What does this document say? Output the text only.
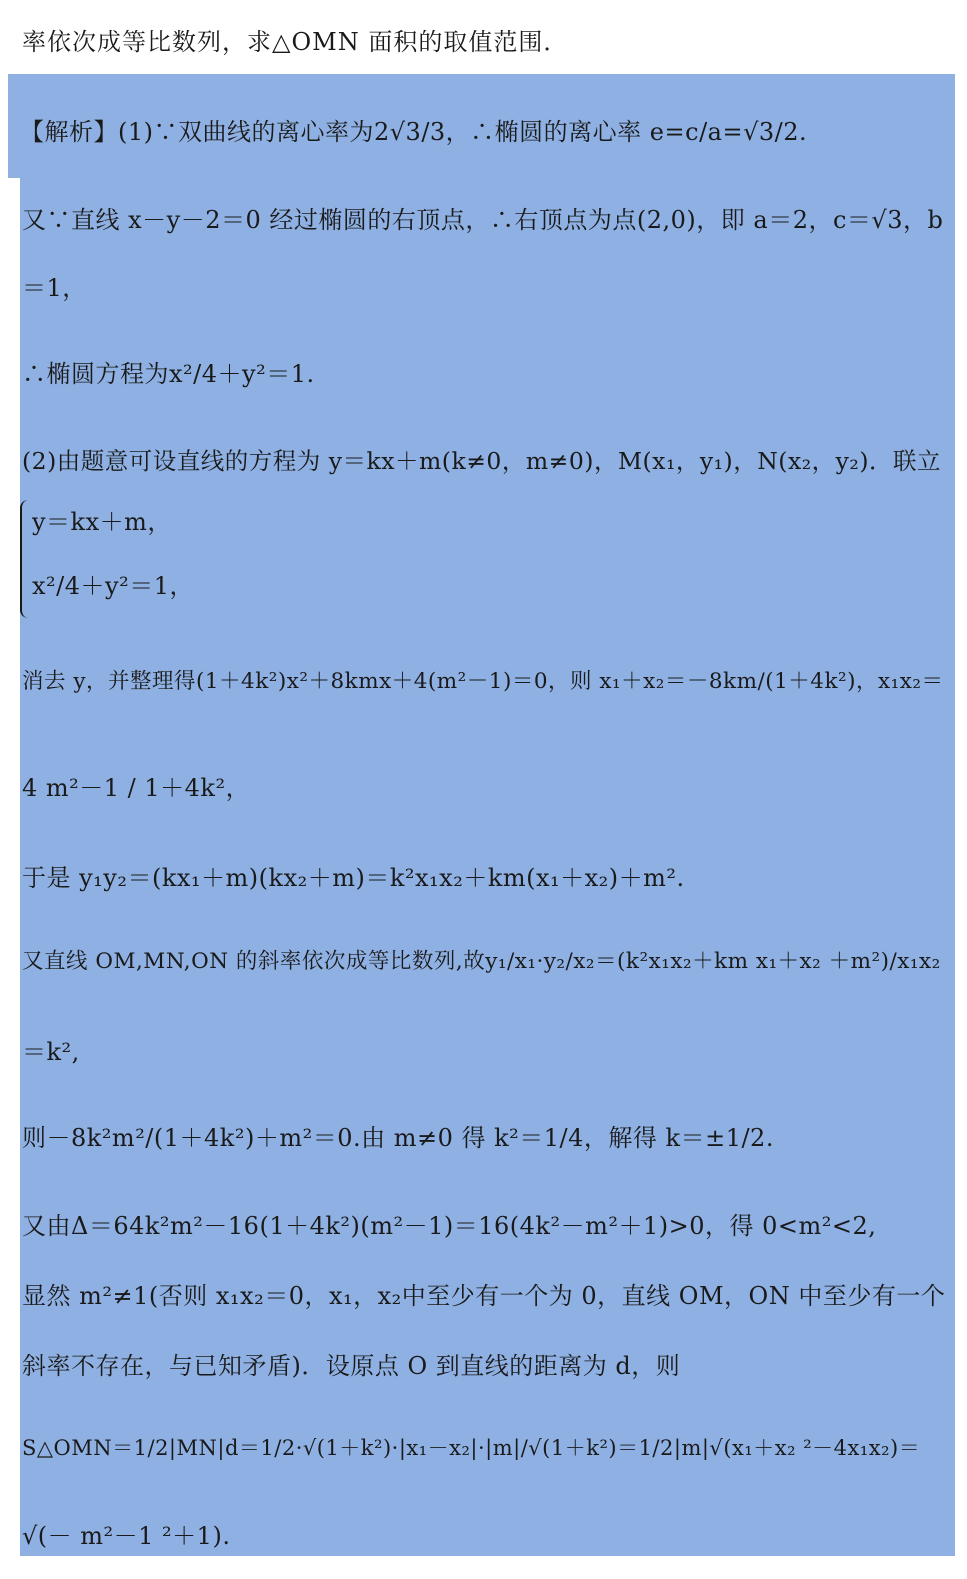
率依次成等比数列，求△OMN 面积的取值范围．
【解析】(1)∵双曲线的离心率为2√3/3，∴椭圆的离心率 e=c/a=√3/2.
又∵直线 x－y－2＝0 经过椭圆的右顶点，∴右顶点为点(2,0)，即 a＝2，c＝√3，b
＝1，
∴椭圆方程为x²/4＋y²＝1.
(2)由题意可设直线的方程为 y＝kx＋m(k≠0，m≠0)，M(x₁，y₁)，N(x₂，y₂)．联立
y＝kx＋m，
x²/4＋y²＝1，
消去 y，并整理得(1＋4k²)x²＋8kmx＋4(m²－1)＝0，则 x₁＋x₂＝－8km/(1＋4k²)，x₁x₂＝
4 m²－1 / 1＋4k²，
于是 y₁y₂＝(kx₁＋m)(kx₂＋m)＝k²x₁x₂＋km(x₁＋x₂)＋m².
又直线 OM,MN,ON 的斜率依次成等比数列,故y₁/x₁·y₂/x₂＝(k²x₁x₂＋km x₁＋x₂ ＋m²)/x₁x₂
＝k²,
则－8k²m²/(1＋4k²)＋m²＝0.由 m≠0 得 k²＝1/4，解得 k＝±1/2.
又由Δ＝64k²m²－16(1＋4k²)(m²－1)＝16(4k²－m²＋1)>0，得 0<m²<2,
显然 m²≠1(否则 x₁x₂＝0，x₁，x₂中至少有一个为 0，直线 OM，ON 中至少有一个
斜率不存在，与已知矛盾)．设原点 O 到直线的距离为 d，则
S△OMN＝1/2|MN|d＝1/2·√(1＋k²)·|x₁－x₂|·|m|/√(1＋k²)＝1/2|m|√(x₁＋x₂ ²－4x₁x₂)＝
√(－ m²－1 ²＋1).
